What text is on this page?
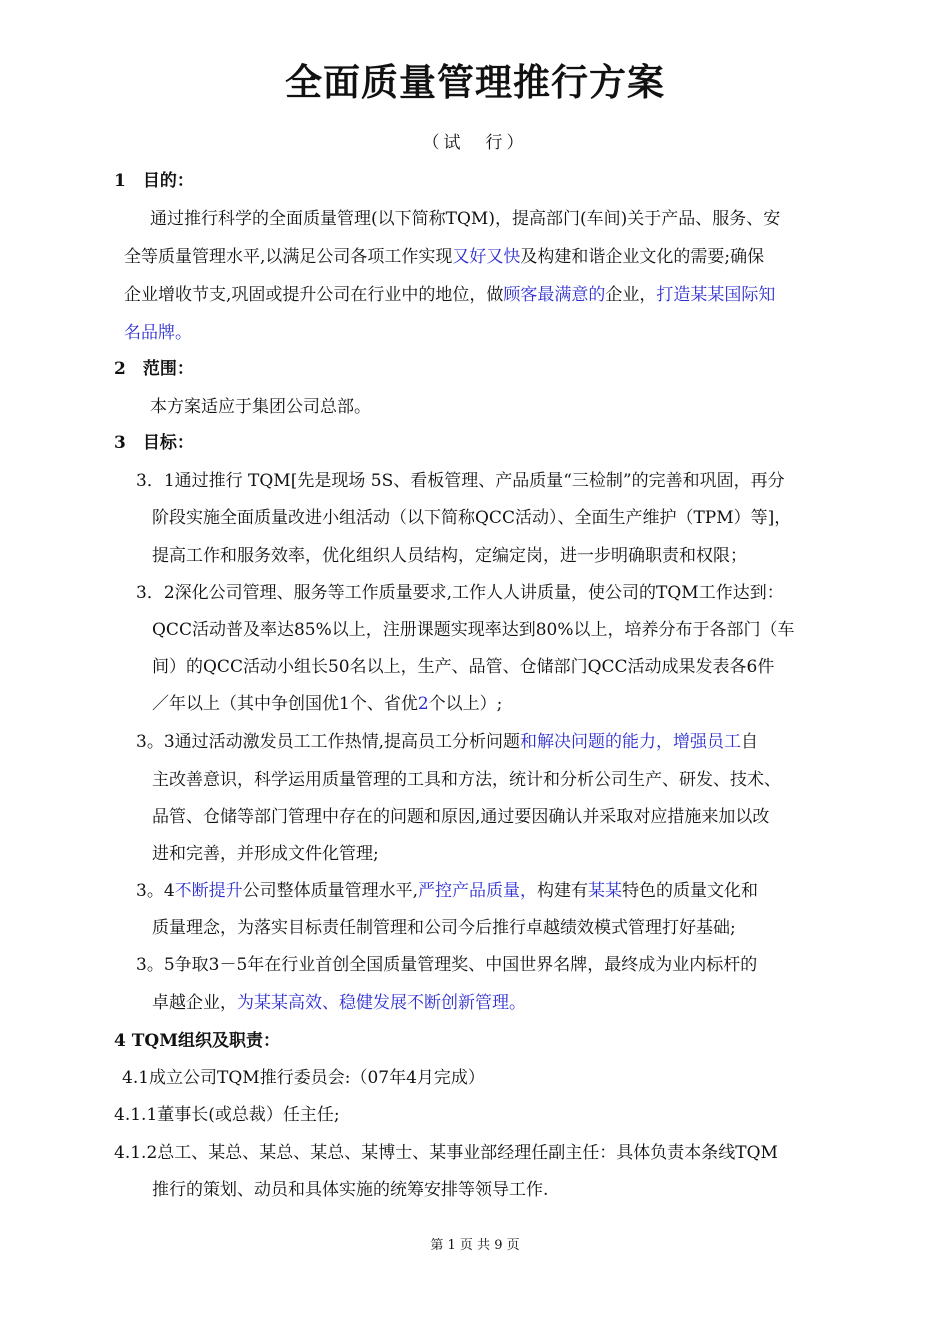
全面质量管理推行方案
（试　行）
1　目的：
通过推行科学的全面质量管理(以下简称TQM)，提高部门(车间)关于产品、服务、安
全等质量管理水平,以满足公司各项工作实现又好又快及构建和谐企业文化的需要;确保
企业增收节支,巩固或提升公司在行业中的地位，做顾客最满意的企业，打造某某国际知
名品牌。
2　范围：
本方案适应于集团公司总部。
3　目标：
3．1通过推行 TQM[先是现场 5S、看板管理、产品质量“三检制”的完善和巩固，再分
阶段实施全面质量改进小组活动（以下简称QCC活动）、全面生产维护（TPM）等]，
提高工作和服务效率，优化组织人员结构，定编定岗，进一步明确职责和权限；
3．2深化公司管理、服务等工作质量要求,工作人人讲质量，使公司的TQM工作达到：
QCC活动普及率达85%以上，注册课题实现率达到80%以上，培养分布于各部门（车
间）的QCC活动小组长50名以上，生产、品管、仓储部门QCC活动成果发表各6件
／年以上（其中争创国优1个、省优2个以上）;
3。3通过活动激发员工工作热情,提高员工分析问题和解决问题的能力，增强员工自
主改善意识，科学运用质量管理的工具和方法，统计和分析公司生产、研发、技术、
品管、仓储等部门管理中存在的问题和原因,通过要因确认并采取对应措施来加以改
进和完善，并形成文件化管理;
3。4不断提升公司整体质量管理水平,严控产品质量，构建有某某特色的质量文化和
质量理念，为落实目标责任制管理和公司今后推行卓越绩效模式管理打好基础;
3。5争取3－5年在行业首创全国质量管理奖、中国世界名牌，最终成为业内标杆的
卓越企业，为某某高效、稳健发展不断创新管理。
4 TQM组织及职责：
4.1成立公司TQM推行委员会:（07年4月完成）
4.1.1董事长(或总裁）任主任;
4.1.2总工、某总、某总、某总、某博士、某事业部经理任副主任：具体负责本条线TQM
推行的策划、动员和具体实施的统筹安排等领导工作.
第 1 页 共 9 页
